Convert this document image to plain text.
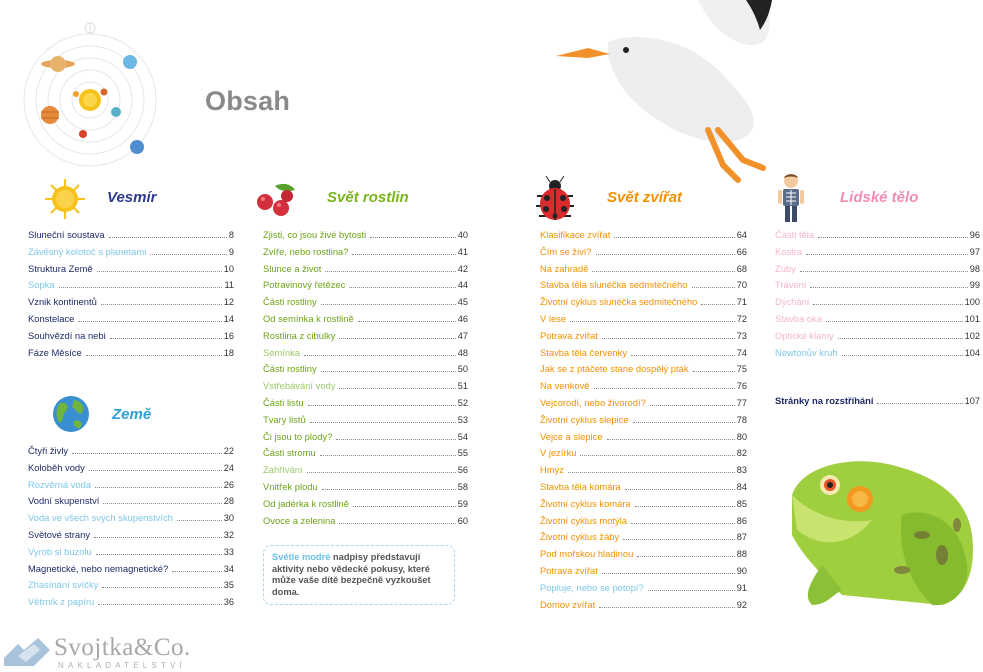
Obsah
Vesmír	Svět rostlin	Svět zvířat	Lidské tělo
Země
Sluneční soustava	8
Závěsný kolotoč s planetami	9
Struktura Země	10
Sopka	11
Vznik kontinentů	12
Konstelace	14
Souhvězdí na nebi	16
Fáze Měsíce	18
Čtyři živly	22
Koloběh vody	24
Rozvěrná voda	26
Vodní skupenství	28
Voda ve všech svých skupenstvích	30
Světové strany	32
Vyrob si buzolu	33
Magnetické, nebo nemagnetické?	34
Zhasínání svíčky	35
Větrník z papíru	36
Zjisti, co jsou živé bytosti	40
Zvíře, nebo rostlina?	41
Slunce a život	42
Potravinový řetězec	44
Části rostliny	45
Od semínka k rostlině	46
Rostlina z cibulky	47
Semínka	48
Části rostliny	50
Vstřebávání vody	51
Části listu	52
Tvary listů	53
Či jsou to plody?	54
Části stromu	55
Zahřívání	56
Vnitřek plodu	58
Od jadérka k rostlině	59
Ovoce a zelenina	60
Klasifikace zvířat	64
Čím se živí?	66
Na zahradě	68
Stavba těla slunéčka sedmitečného	70
Životní cyklus slunéčka sedmitečného	71
V lese	72
Potrava zvířat	73
Stavba těla červenky	74
Jak se z ptáčete stane dospělý pták	75
Na venkově	76
Vejcorodí, nebo živorodí?	77
Životní cyklus slepice	78
Vejce a slepice	80
V jezírku	82
Hmyz	83
Stavba těla komára	84
Životní cyklus komára	85
Životní cyklus motýla	86
Životní cyklus žáby	87
Pod mořskou hladinou	88
Potrava zvířat	90
Popluje, nebo se potopí?	91
Domov zvířat	92
Části těla	96
Kostra	97
Zuby	98
Trávení	99
Dýchání	100
Stavba oka	101
Optické klamy	102
Newtonův kruh	104
Stránky na rozstříhání	107
Světle modré nadpisy představují aktivity nebo vědecké pokusy, které může vaše dítě bezpečně vyzkoušet doma.
Svojtka&Co.
NAKLADATELSTVÍ
